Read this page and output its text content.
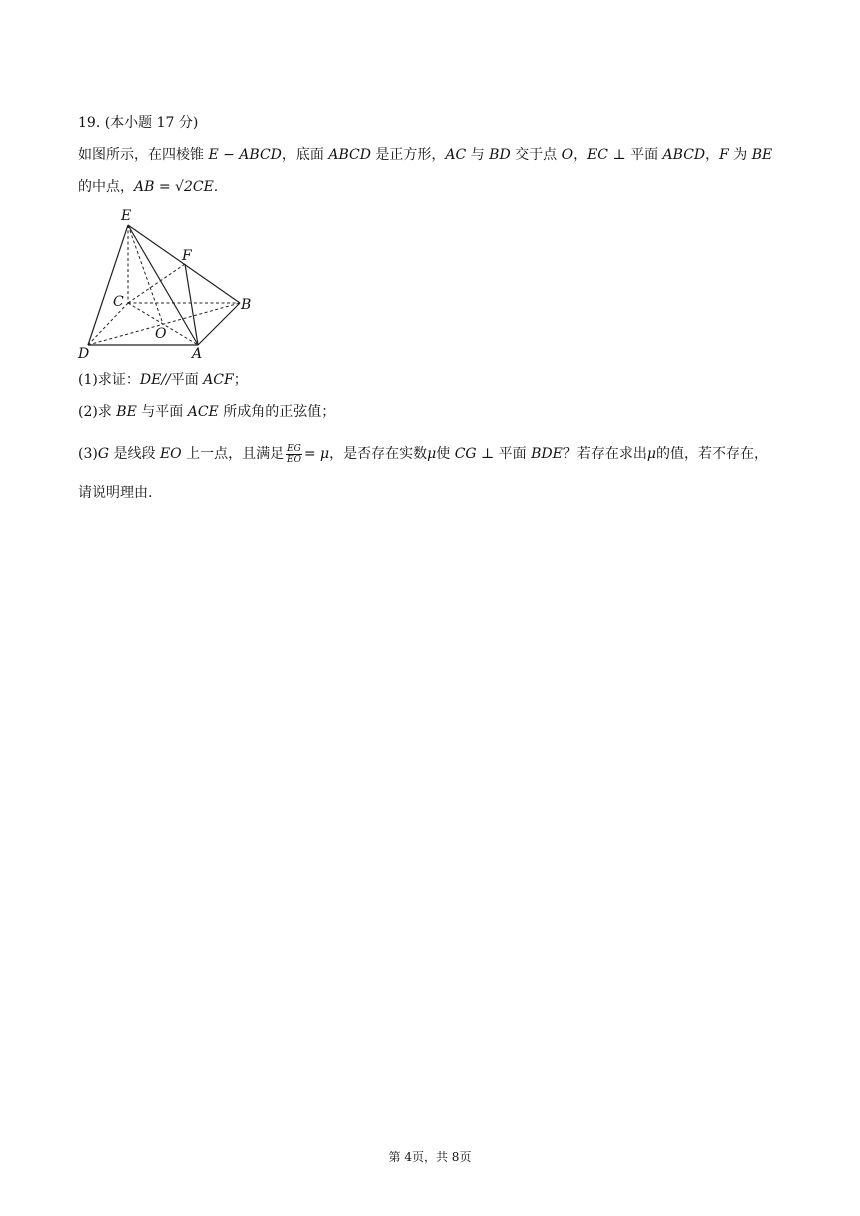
19. (本小题 17 分)
如图所示，在四棱锥 E − ABCD，底面 ABCD 是正方形，AC 与 BD 交于点 O，EC ⊥ 平面 ABCD，F 为 BE
的中点，AB = √2CE.
E
F
C	B
O
D	A
(1)求证：DE//平面 ACF；
(2)求 BE 与平面 ACE 所成角的正弦值；
(3)G 是线段 EO 上一点，且满足 $\frac{EG}{EO} = \mu$，是否存在实数μ使 CG ⊥ 平面 BDE？若存在求出μ的值，若不存在，
请说明理由.
第 4页，共 8页
